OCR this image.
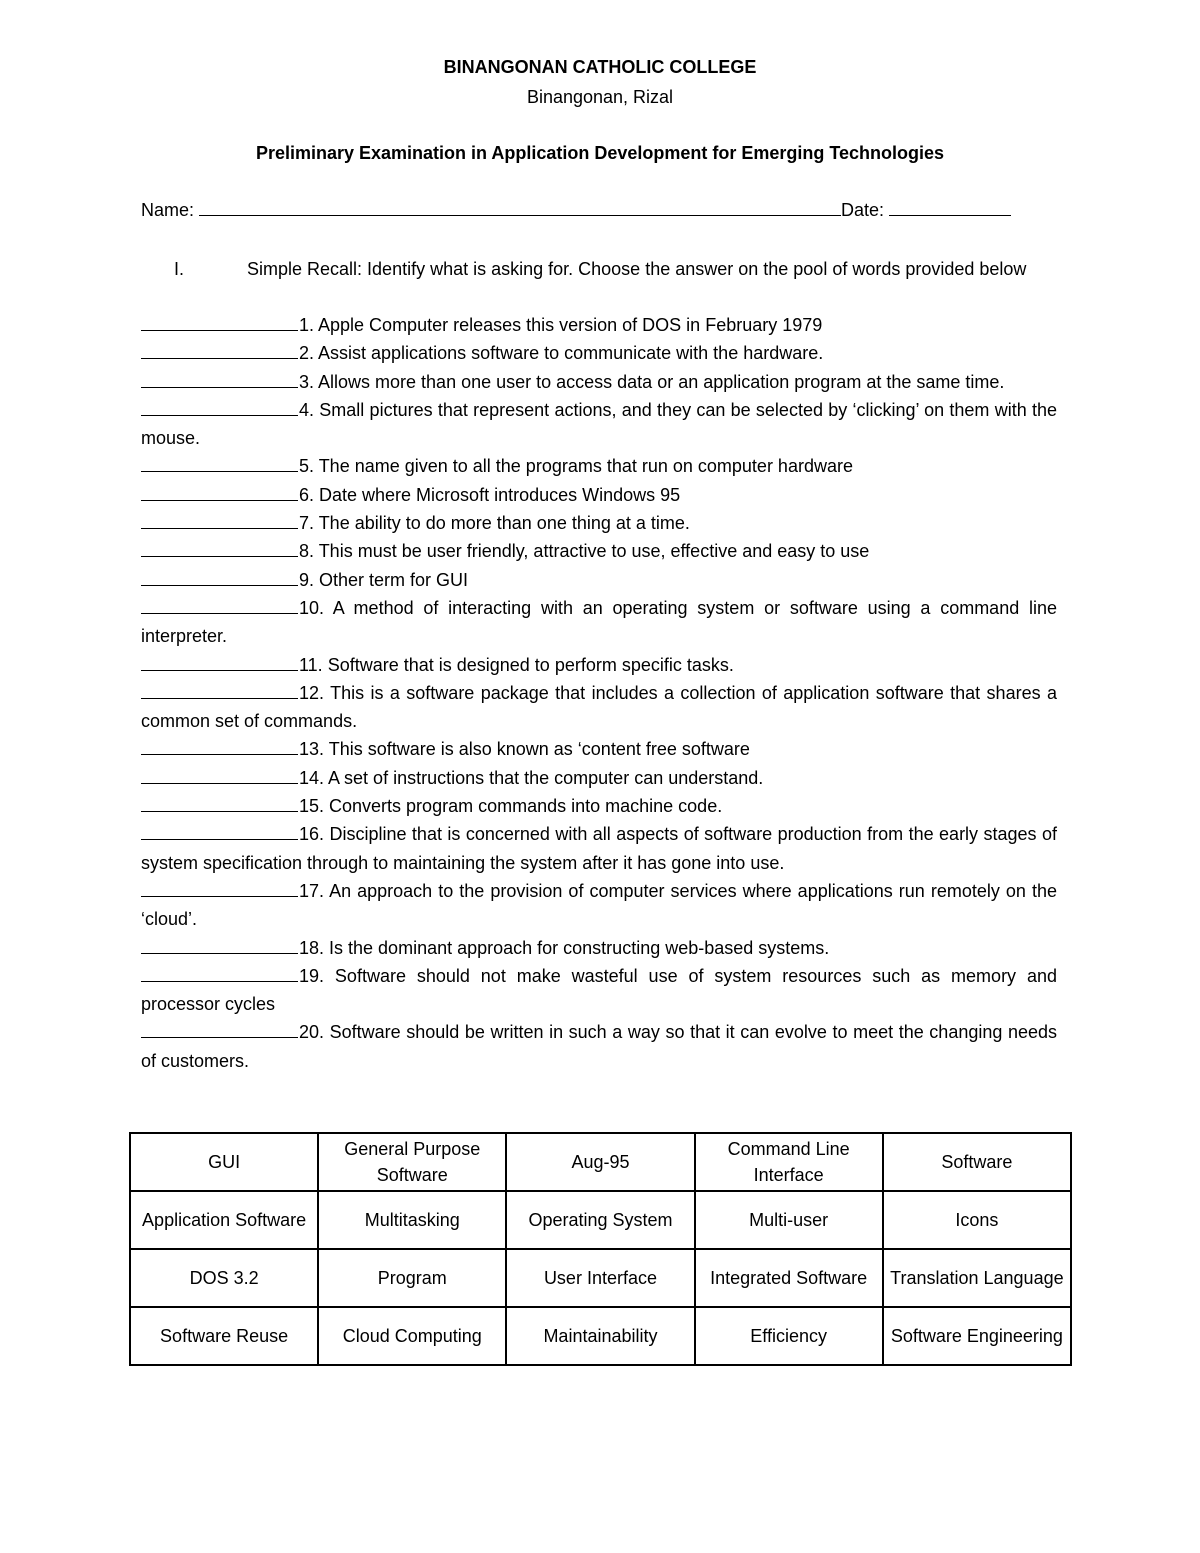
BINANGONAN CATHOLIC COLLEGE
Binangonan, Rizal
Preliminary Examination in Application Development for Emerging Technologies
Name:	Date:
I.	Simple Recall: Identify what is asking for. Choose the answer on the pool of words provided below

1. Apple Computer releases this version of DOS in February 1979

2. Assist applications software to communicate with the hardware.

3. Allows more than one user to access data or an application program at the same time.

4. Small pictures that represent actions, and they can be selected by ‘clicking’ on them with the mouse.

5. The name given to all the programs that run on computer hardware

6. Date where Microsoft introduces Windows 95

7. The ability to do more than one thing at a time.

8. This must be user friendly, attractive to use, effective and easy to use

9. Other term for GUI

10. A method of interacting with an operating system or software using a command line interpreter.

11. Software that is designed to perform specific tasks.

12. This is a software package that includes a collection of application software that shares a common set of commands.

13. This software is also known as ‘content free software

14. A set of instructions that the computer can understand.

15. Converts program commands into machine code.

16. Discipline that is concerned with all aspects of software production from the early stages of system specification through to maintaining the system after it has gone into use.

17. An approach to the provision of computer services where applications run remotely on the ‘cloud’.

18. Is the dominant approach for constructing web-based systems.

19. Software should not make wasteful use of system resources such as memory and processor cycles

20. Software should be written in such a way so that it can evolve to meet the changing needs of customers.

GUI	General Purpose Software	Aug-95	Command Line Interface	Software
Application Software	Multitasking	Operating System	Multi-user	Icons
DOS 3.2	Program	User Interface	Integrated Software	Translation Language
Software Reuse	Cloud Computing	Maintainability	Efficiency	Software Engineering
